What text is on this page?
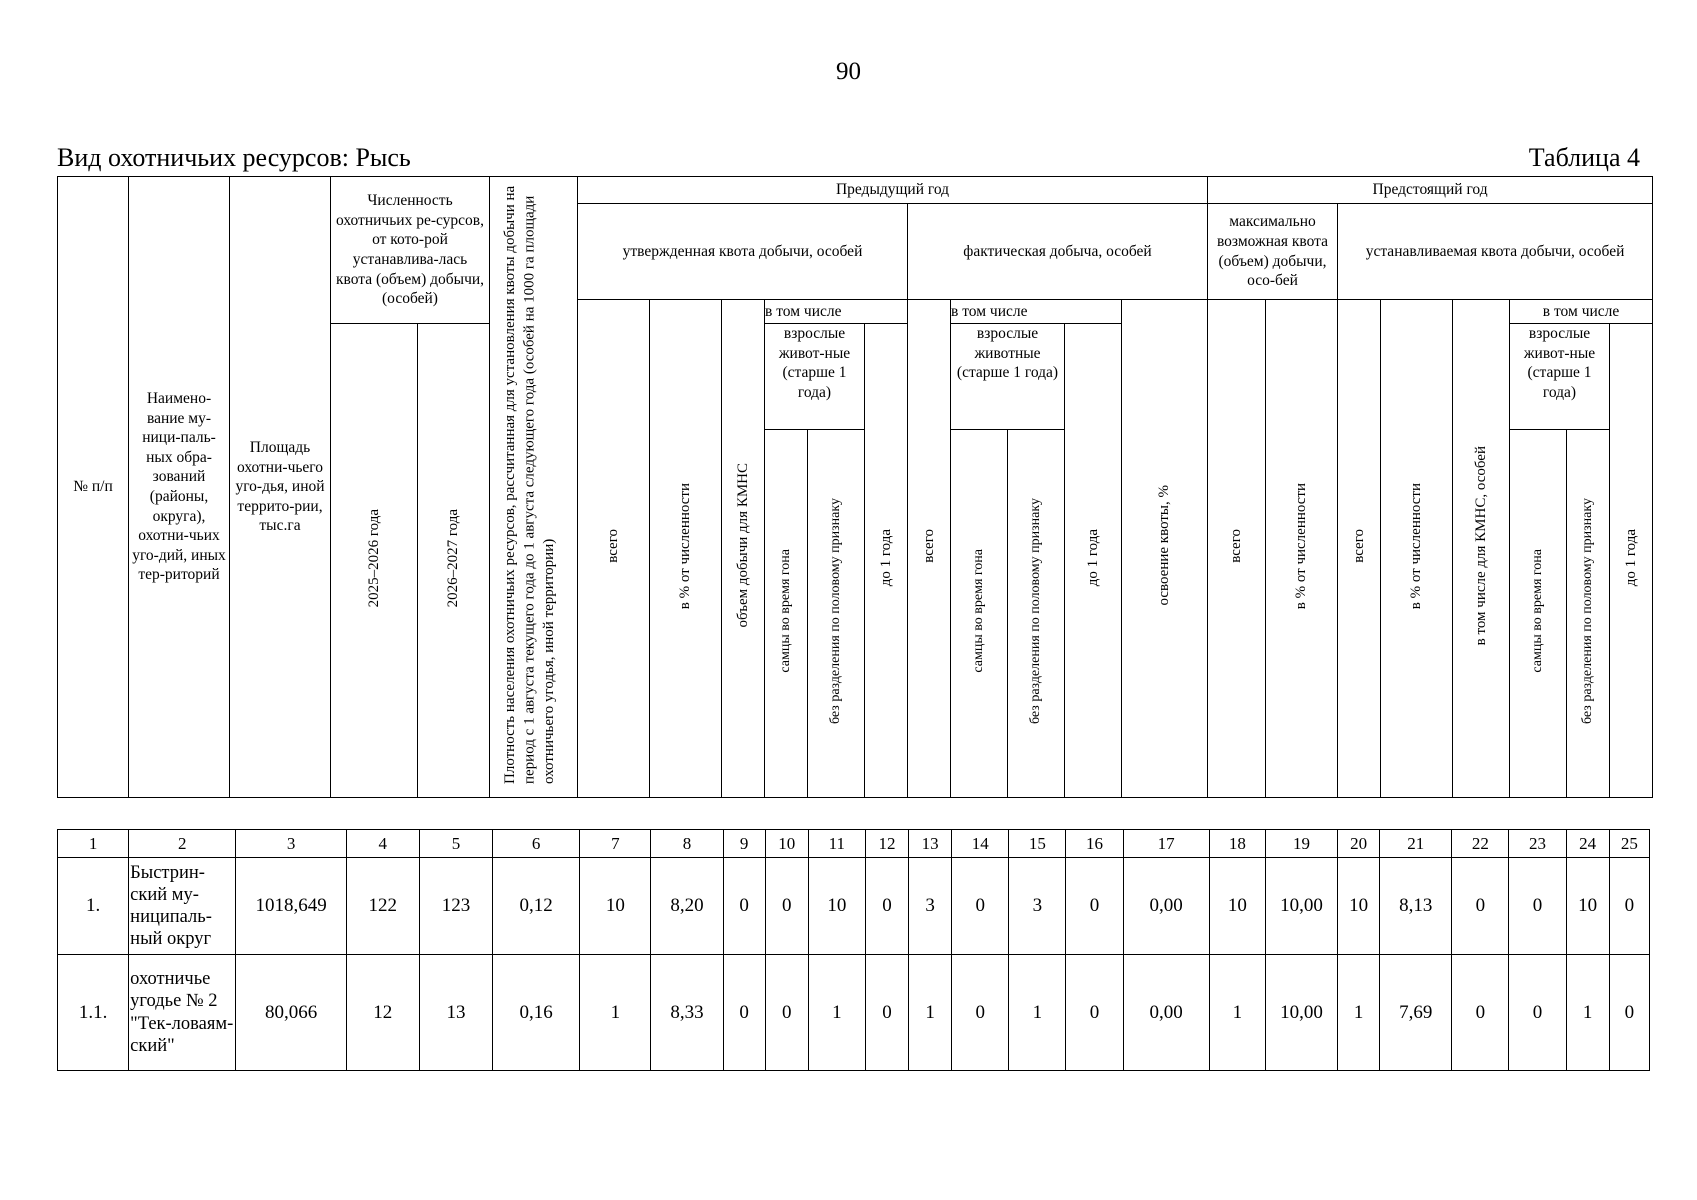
90
Вид охотничьих ресурсов: Рысь	Таблица 4
№ п/п	Наимено-вание му-ници-паль-ных обра-зований (районы, округа), охотни-чьих уго-дий, иных тер-риторий	Площадь охотни-чьего уго-дья, иной террито-рии, тыс.га	Численность охотничьих ре-сурсов, от кото-рой устанавлива-лась квота (объем) добычи, (особей)		Плотность населения охотничьих ресурсов, рассчитанная для установления квоты добычи на период с 1 августа текущего года до 1 августа следующего года (особей на 1000 га площади охотничьего угодья, иной территории)	Предыдущий год											Предстоящий год							
						утвержденная квота добычи, особей						фактическая добыча, особей					максимально возможная квота (объем) добычи, осо-бей		устанавливаемая квота добычи, особей					
						всего	в % от численности	объем добычи для КМНС	в том числе			всего	в том числе			освоение квоты, %	всего	в % от численности	всего	в % от численности	в том числе для КМНС, особей	в том числе		
			2025–2026 года	2026–2027 года					взрослые живот-ные (старше 1 года)		до 1 года		взрослые животные (старше 1 года)		до 1 года							взрослые живот-ные (старше 1 года)		до 1 года
									самцы во время гона	без разделения по половому признаку			самцы во время гона	без разделения по половому признаку								самцы во время гона	без разделения по половому признаку	
1	2	3	4	5	6	7	8	9	10	11	12	13	14	15	16	17	18	19	20	21	22	23	24	25
1.	Быстрин-ский му-ниципаль-ный округ	1018,649	122	123	0,12	10	8,20	0	0	10	0	3	0	3	0	0,00	10	10,00	10	8,13	0	0	10	0
1.1.	охотничье угодье № 2 "Тек-ловаям-ский"	80,066	12	13	0,16	1	8,33	0	0	1	0	1	0	1	0	0,00	1	10,00	1	7,69	0	0	1	0
